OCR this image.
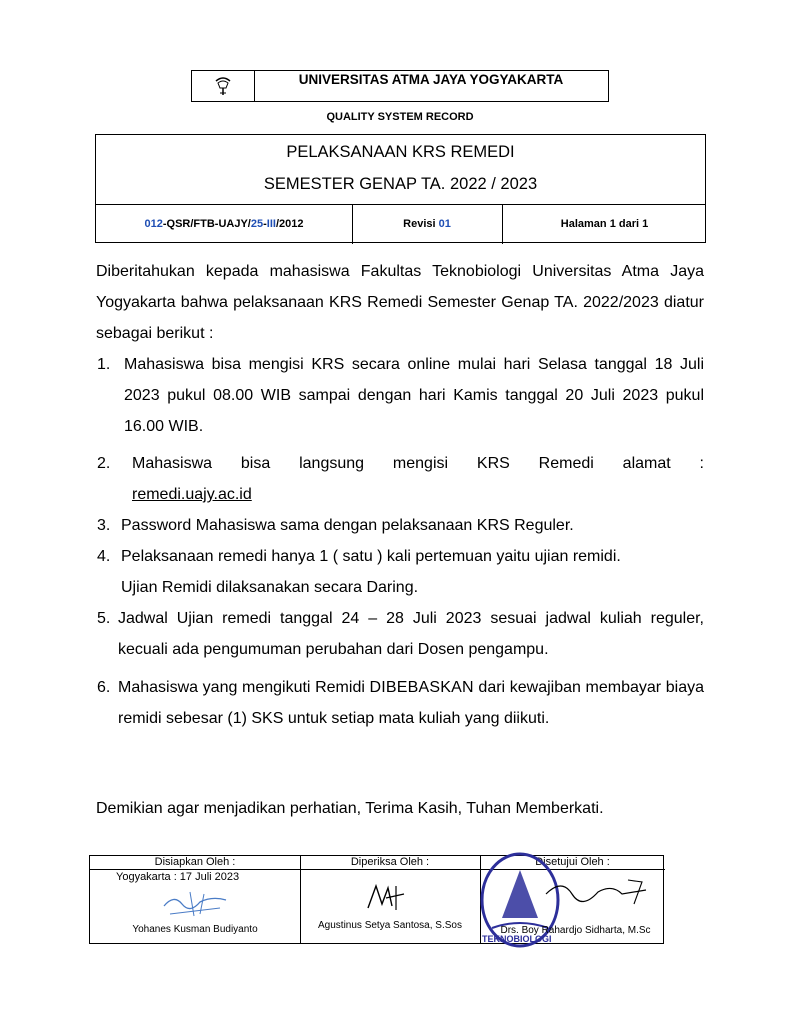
UNIVERSITAS ATMA JAYA YOGYAKARTA
QUALITY SYSTEM RECORD
PELAKSANAAN KRS REMEDI
SEMESTER GENAP TA. 2022 / 2023
012-QSR/FTB-UAJY/25-III/2012	Revisi 01	Halaman 1 dari 1
Diberitahukan kepada mahasiswa Fakultas Teknobiologi Universitas Atma Jaya Yogyakarta bahwa pelaksanaan KRS Remedi Semester Genap TA. 2022/2023 diatur sebagai berikut :
1. Mahasiswa bisa mengisi KRS secara online mulai hari Selasa tanggal 18 Juli 2023 pukul 08.00 WIB sampai dengan hari Kamis tanggal 20 Juli 2023 pukul 16.00 WIB.
2. Mahasiswa bisa langsung mengisi KRS Remedi alamat :
remedi.uajy.ac.id
3. Password Mahasiswa sama dengan pelaksanaan KRS Reguler.
4. Pelaksanaan remedi hanya 1 ( satu ) kali pertemuan yaitu ujian remidi.
Ujian Remidi dilaksanakan secara Daring.
5. Jadwal Ujian remedi tanggal 24 – 28 Juli 2023 sesuai jadwal kuliah reguler, kecuali ada pengumuman perubahan dari Dosen pengampu.
6. Mahasiswa yang mengikuti Remidi DIBEBASKAN dari kewajiban membayar biaya remidi sebesar (1) SKS untuk setiap mata kuliah yang diikuti.
Demikian agar menjadikan perhatian, Terima Kasih, Tuhan Memberkati.
Disiapkan Oleh :
Yogyakarta : 17 Juli 2023
Yohanes Kusman Budiyanto
Diperiksa Oleh :
Agustinus Setya Santosa, S.Sos
Disetujui Oleh :
TEKNOBIOLOGI
Drs. Boy Rahardjo Sidharta, M.Sc
